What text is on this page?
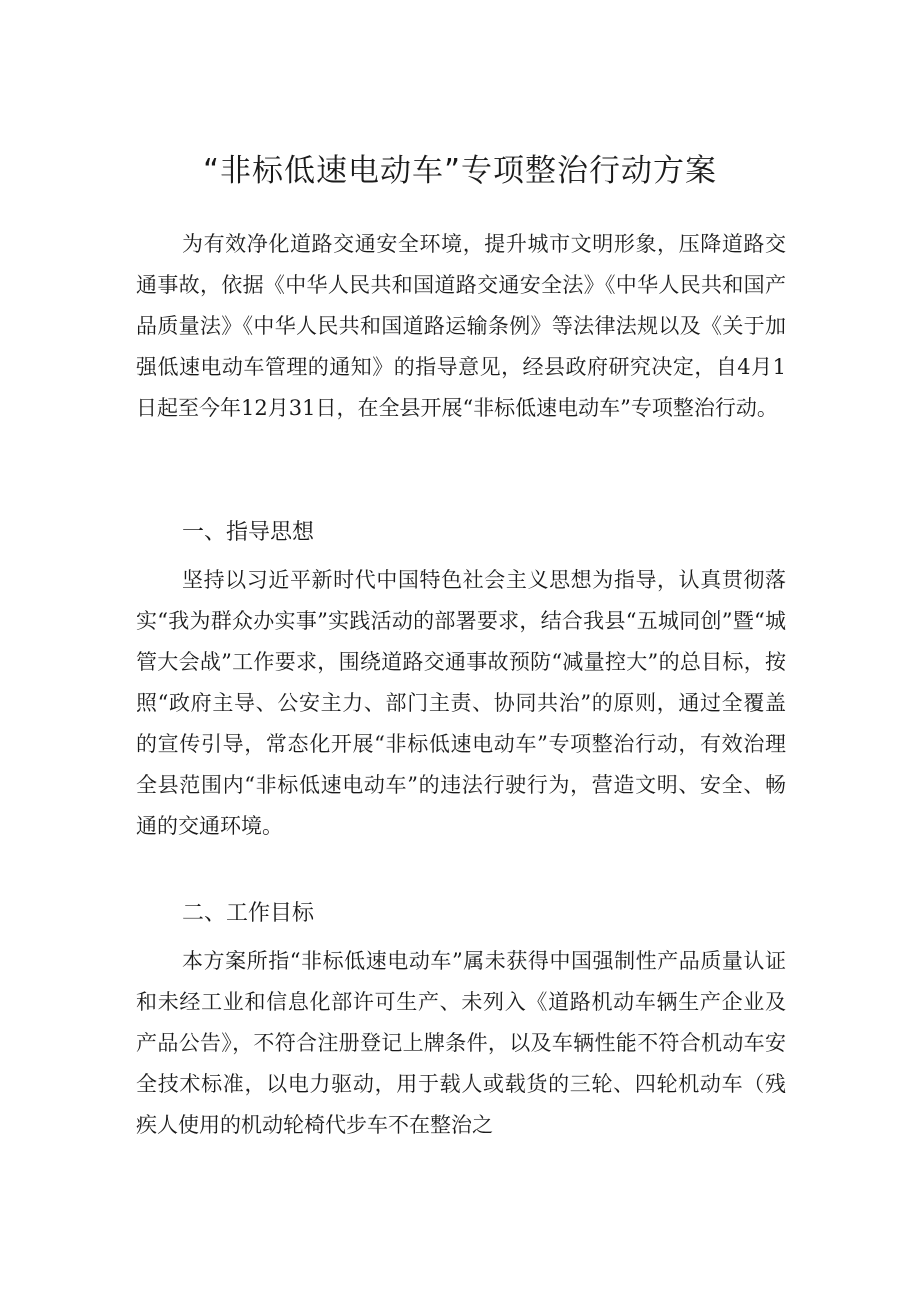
“非标低速电动车”专项整治行动方案

为有效净化道路交通安全环境，提升城市文明形象，压降道路交通事故，依据《中华人民共和国道路交通安全法》《中华人民共和国产品质量法》《中华人民共和国道路运输条例》等法律法规以及《关于加强低速电动车管理的通知》的指导意见，经县政府研究决定，自4月1日起至今年12月31日，在全县开展“非标低速电动车”专项整治行动。

一、指导思想

坚持以习近平新时代中国特色社会主义思想为指导，认真贯彻落实“我为群众办实事”实践活动的部署要求，结合我县“五城同创”暨“城管大会战”工作要求，围绕道路交通事故预防“减量控大”的总目标，按照“政府主导、公安主力、部门主责、协同共治”的原则，通过全覆盖的宣传引导，常态化开展“非标低速电动车”专项整治行动，有效治理全县范围内“非标低速电动车”的违法行驶行为，营造文明、安全、畅通的交通环境。

二、工作目标

本方案所指“非标低速电动车”属未获得中国强制性产品质量认证和未经工业和信息化部许可生产、未列入《道路机动车辆生产企业及产品公告》，不符合注册登记上牌条件，以及车辆性能不符合机动车安全技术标准，以电力驱动，用于载人或载货的三轮、四轮机动车（残疾人使用的机动轮椅代步车不在整治之
